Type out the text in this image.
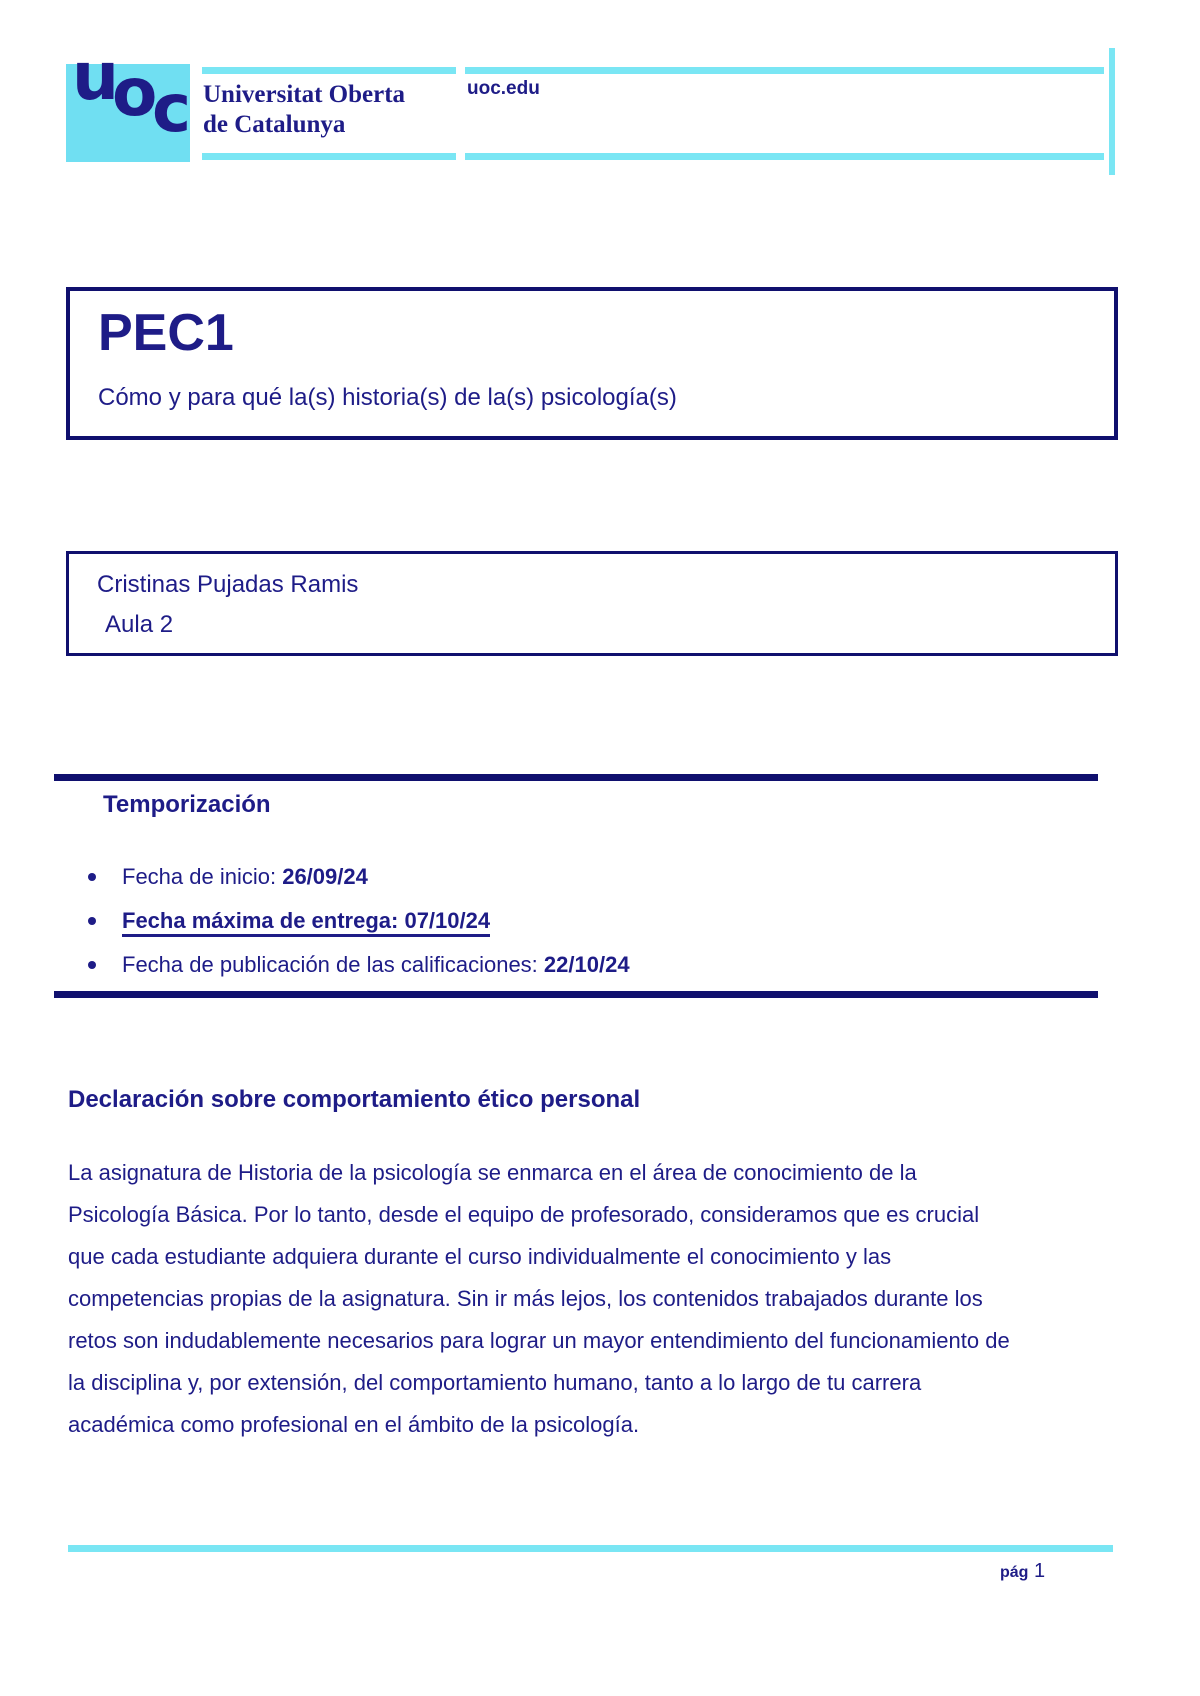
u
o
c Universitat Oberta
de Catalunya
uoc.edu
PEC1
Cómo y para qué la(s) historia(s) de la(s) psicología(s)
Cristinas Pujadas Ramis
Aula 2
Temporización
Fecha de inicio: 26/09/24
Fecha máxima de entrega: 07/10/24
Fecha de publicación de las calificaciones: 22/10/24
Declaración sobre comportamiento ético personal
La asignatura de Historia de la psicología se enmarca en el área de conocimiento de la
Psicología Básica. Por lo tanto, desde el equipo de profesorado, consideramos que es crucial
que cada estudiante adquiera durante el curso individualmente el conocimiento y las
competencias propias de la asignatura. Sin ir más lejos, los contenidos trabajados durante los
retos son indudablemente necesarios para lograr un mayor entendimiento del funcionamiento de
la disciplina y, por extensión, del comportamiento humano, tanto a lo largo de tu carrera
académica como profesional en el ámbito de la psicología.
pág 1
